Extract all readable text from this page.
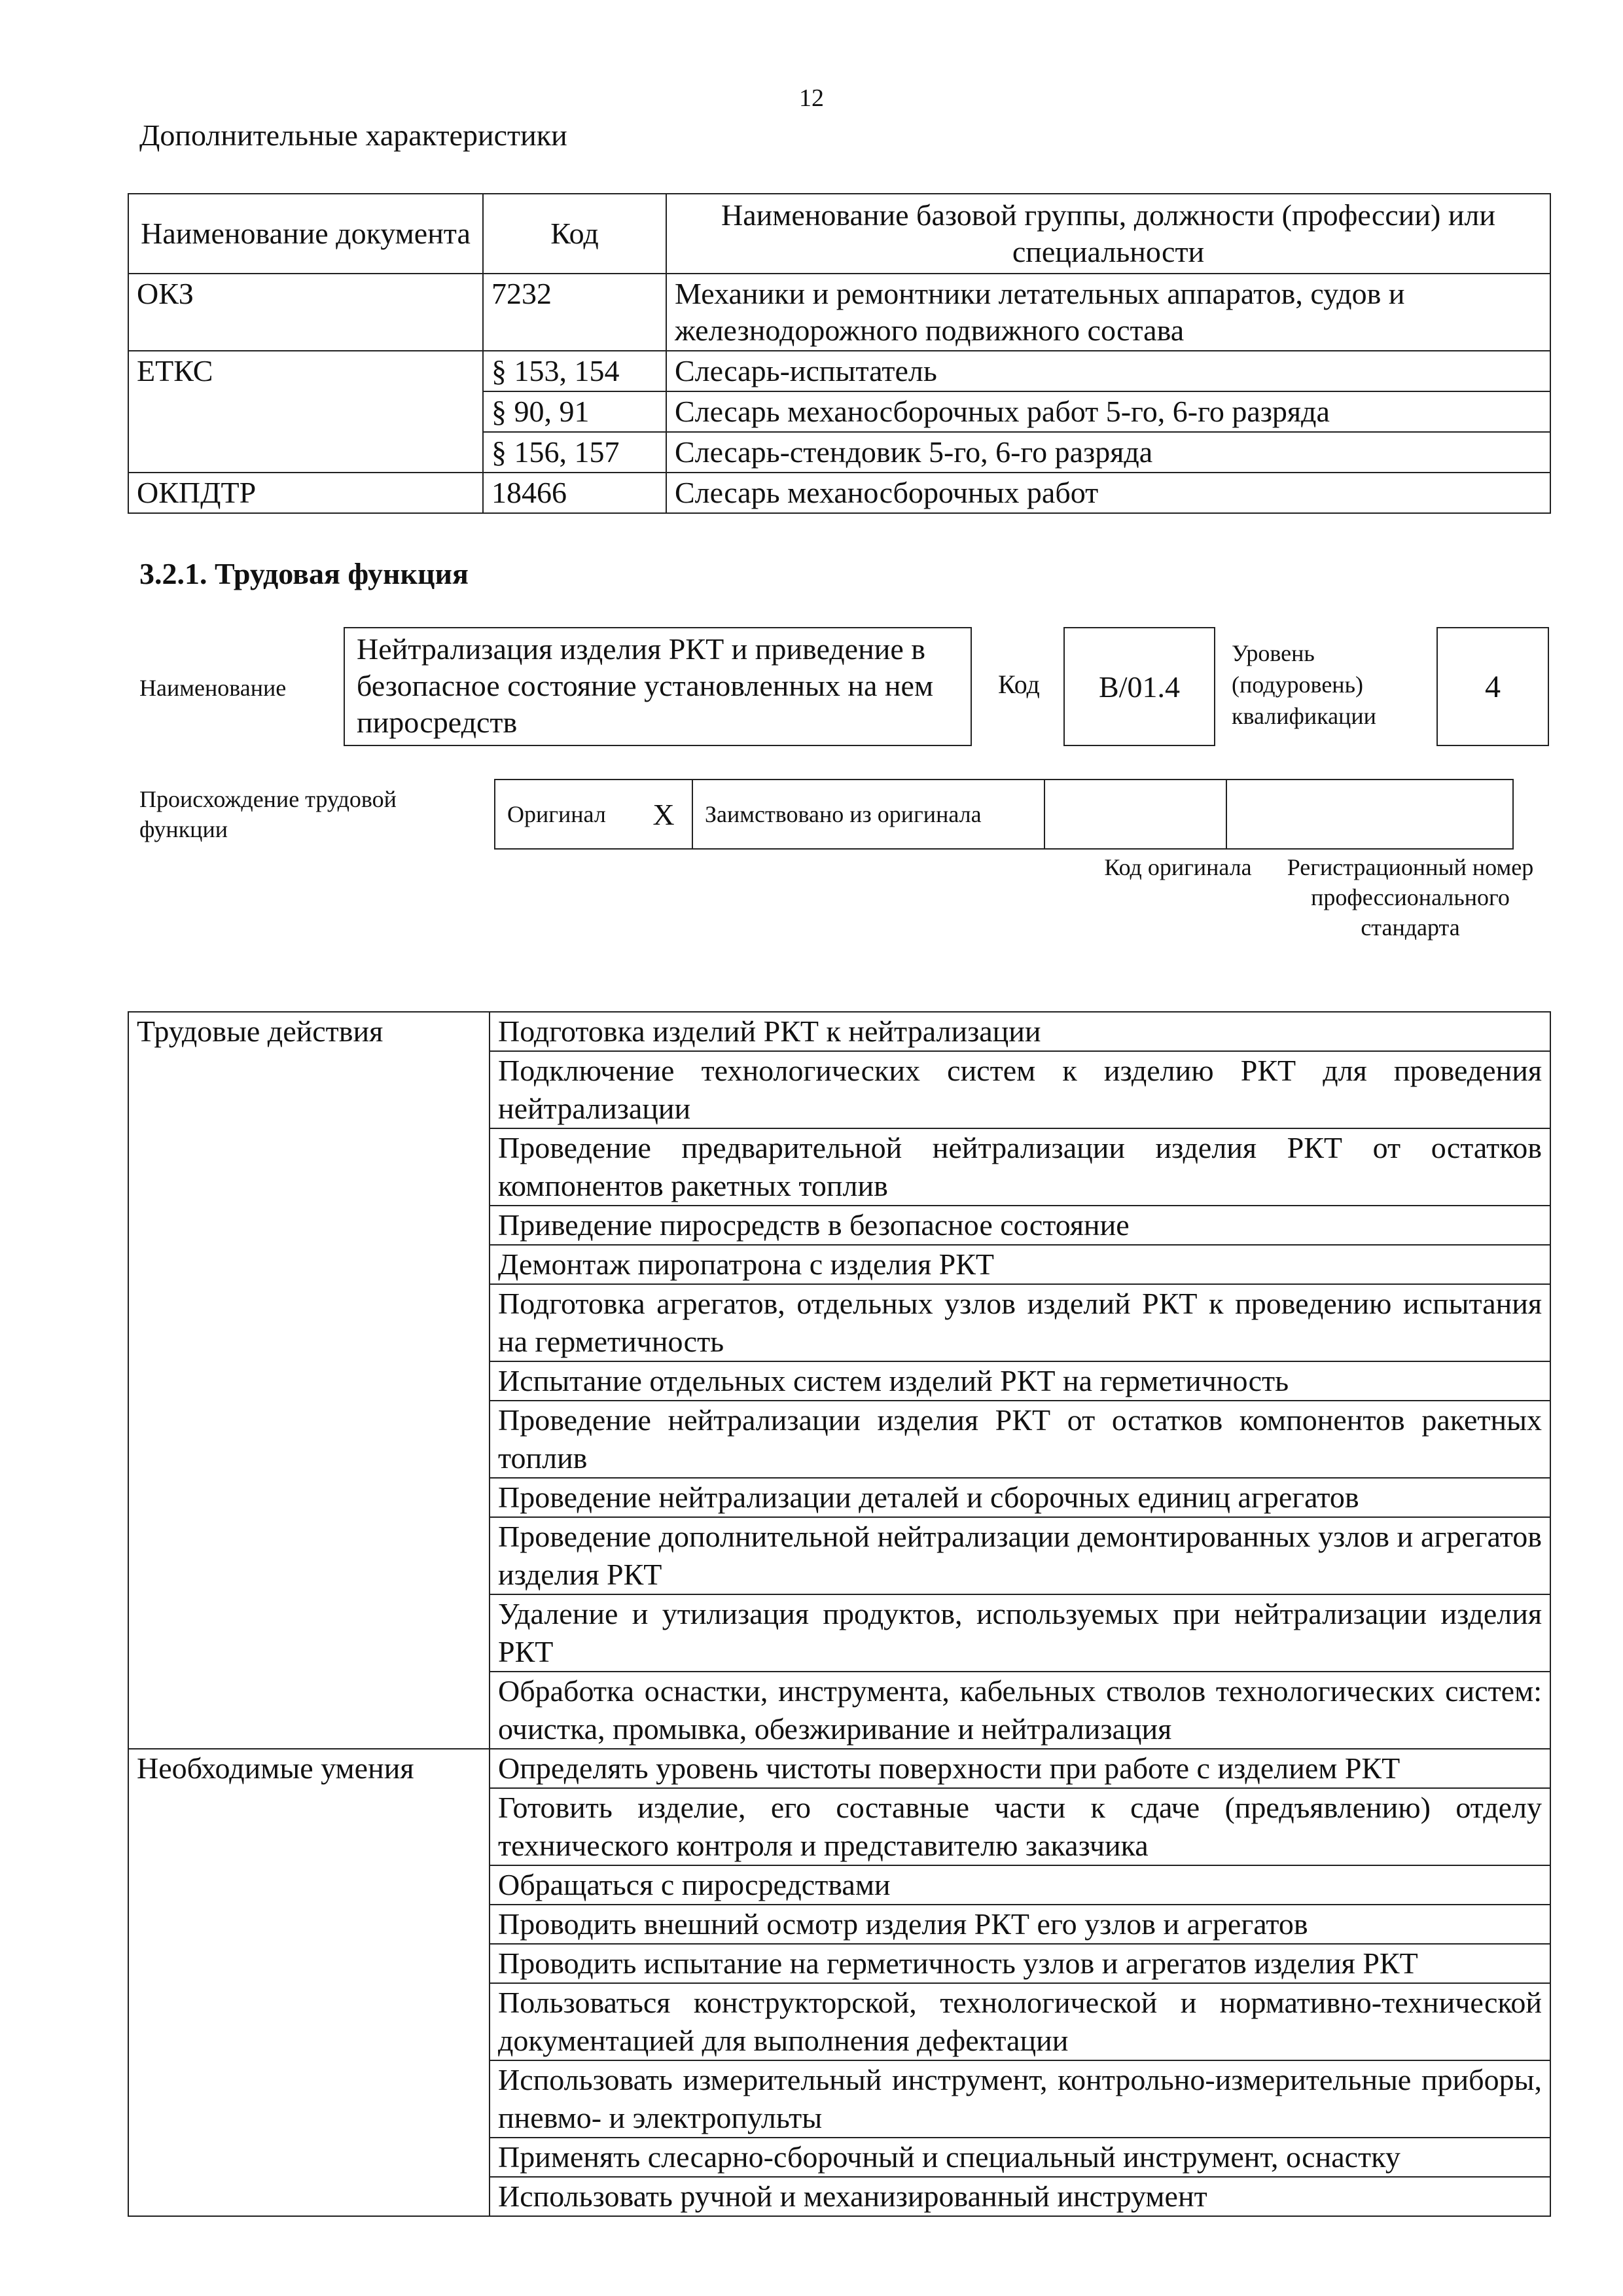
12
Дополнительные характеристики
Наименование документа	Код	Наименование базовой группы, должности (профессии) или специальности
ОКЗ	7232	Механики и ремонтники летательных аппаратов, судов и железнодорожного подвижного состава
ЕТКС	§ 153, 154	Слесарь-испытатель
	§ 90, 91	Слесарь механосборочных работ 5-го, 6-го разряда
	§ 156, 157	Слесарь-стендовик 5-го, 6-го разряда
ОКПДТР	18466	Слесарь механосборочных работ
3.2.1. Трудовая функция
Наименование
Нейтрализация изделия РКТ и приведение в безопасное состояние установленных на нем пиросредств
Код	В/01.4
Уровень (подуровень) квалификации
4
Происхождение трудовой функции
Оригинал	Х	Заимствовано из оригинала		
Код оригинала	Регистрационный номер профессионального стандарта
Трудовые действия	Подготовка изделий РКТ к нейтрализации
	Подключение технологических систем к изделию РКТ для проведения нейтрализации
	Проведение предварительной нейтрализации изделия РКТ от остатков компонентов ракетных топлив
	Приведение пиросредств в безопасное состояние
	Демонтаж пиропатрона с изделия РКТ
	Подготовка агрегатов, отдельных узлов изделий РКТ к проведению испытания на герметичность
	Испытание отдельных систем изделий РКТ на герметичность
	Проведение нейтрализации изделия РКТ от остатков компонентов ракетных топлив
	Проведение нейтрализации деталей и сборочных единиц агрегатов
	Проведение дополнительной нейтрализации демонтированных узлов и агрегатов изделия РКТ
	Удаление и утилизация продуктов, используемых при нейтрализации изделия РКТ
	Обработка оснастки, инструмента, кабельных стволов технологических систем: очистка, промывка, обезжиривание и нейтрализация
Необходимые умения	Определять уровень чистоты поверхности при работе с изделием РКТ
	Готовить изделие, его составные части к сдаче (предъявлению) отделу технического контроля и представителю заказчика
	Обращаться с пиросредствами
	Проводить внешний осмотр изделия РКТ его узлов и агрегатов
	Проводить испытание на герметичность узлов и агрегатов изделия РКТ
	Пользоваться конструкторской, технологической и нормативно-технической документацией для выполнения дефектации
	Использовать измерительный инструмент, контрольно-измерительные приборы, пневмо- и электропульты
	Применять слесарно-сборочный и специальный инструмент, оснастку
	Использовать ручной и механизированный инструмент
